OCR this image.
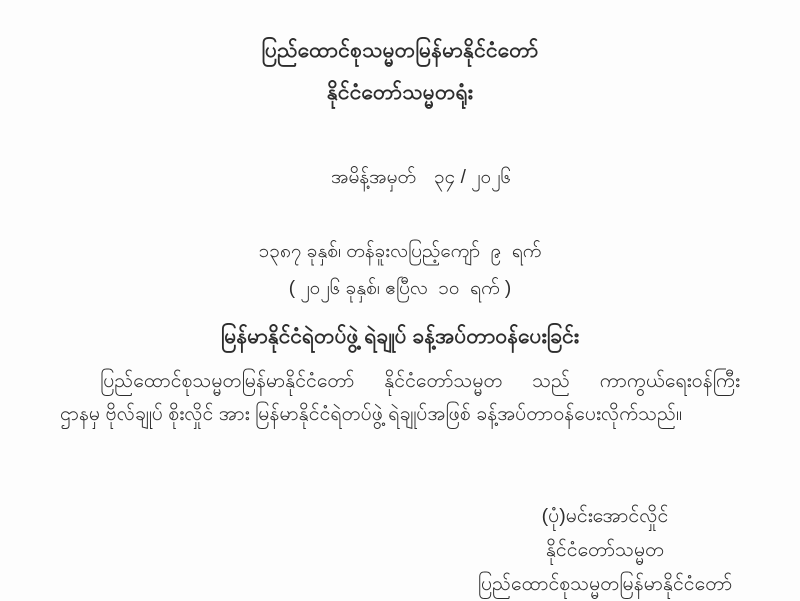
ပြည်ထောင်စုသမ္မတမြန်မာနိုင်ငံတော်
နိုင်ငံတော်သမ္မတရုံး

အမိန့်အမှတ် ၃၄ / ၂၀၂၆

၁၃၈၇ ခုနှစ်၊ တန်ခူးလပြည့်ကျော်  ၉  ရက်
( ၂၀၂၆ ခုနှစ်၊ ဧပြီလ  ၁၀  ရက် )
မြန်မာနိုင်ငံရဲတပ်ဖွဲ့ ရဲချုပ် ခန့်အပ်တာဝန်ပေးခြင်း
ပြည်ထောင်စုသမ္မတမြန်မာနိုင်ငံတော် နိုင်ငံတော်သမ္မတ သည် ကာကွယ်ရေးဝန်ကြီး
ဌာနမှ ဗိုလ်ချုပ် စိုးလှိုင် အား မြန်မာနိုင်ငံရဲတပ်ဖွဲ့ ရဲချုပ်အဖြစ် ခန့်အပ်တာဝန်ပေးလိုက်သည်။
(ပုံ)မင်းအောင်လှိုင်
နိုင်ငံတော်သမ္မတ
ပြည်ထောင်စုသမ္မတမြန်မာနိုင်ငံတော်
